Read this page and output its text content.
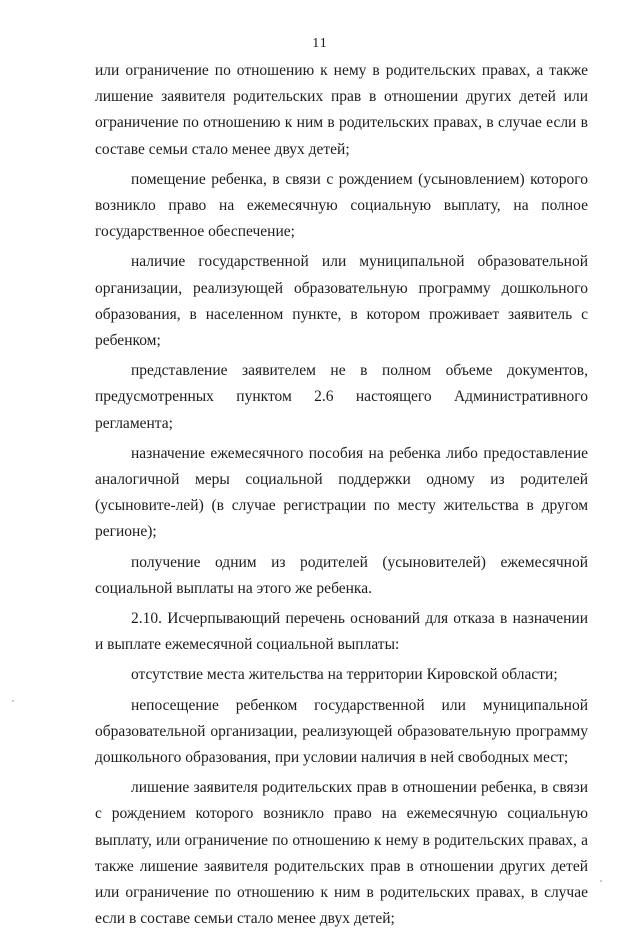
11

или ограничение по отношению к нему в родительских правах, а также лишение заявителя родительских прав в отношении других детей или ограничение по отношению к ним в родительских правах, в случае если в составе семьи стало менее двух детей;

помещение ребенка, в связи с рождением (усыновлением) которого возникло право на ежемесячную социальную выплату, на полное государственное обеспечение;

наличие государственной или муниципальной образовательной организации, реализующей образовательную программу дошкольного образования, в населенном пункте, в котором проживает заявитель с ребенком;

представление заявителем не в полном объеме документов, предусмотренных пунктом 2.6 настоящего Административного регламента;

назначение ежемесячного пособия на ребенка либо предоставление аналогичной меры социальной поддержки одному из родителей (усыновите-лей) (в случае регистрации по месту жительства в другом регионе);

получение одним из родителей (усыновителей) ежемесячной социальной выплаты на этого же ребенка.

2.10. Исчерпывающий перечень оснований для отказа в назначении и выплате ежемесячной социальной выплаты:

отсутствие места жительства на территории Кировской области;

непосещение ребенком государственной или муниципальной образовательной организации, реализующей образовательную программу дошкольного образования, при условии наличия в ней свободных мест;

лишение заявителя родительских прав в отношении ребенка, в связи с рождением которого возникло право на ежемесячную социальную выплату, или ограничение по отношению к нему в родительских правах, а также лишение заявителя родительских прав в отношении других детей или ограничение по отношению к ним в родительских правах, в случае если в составе семьи стало менее двух детей;
